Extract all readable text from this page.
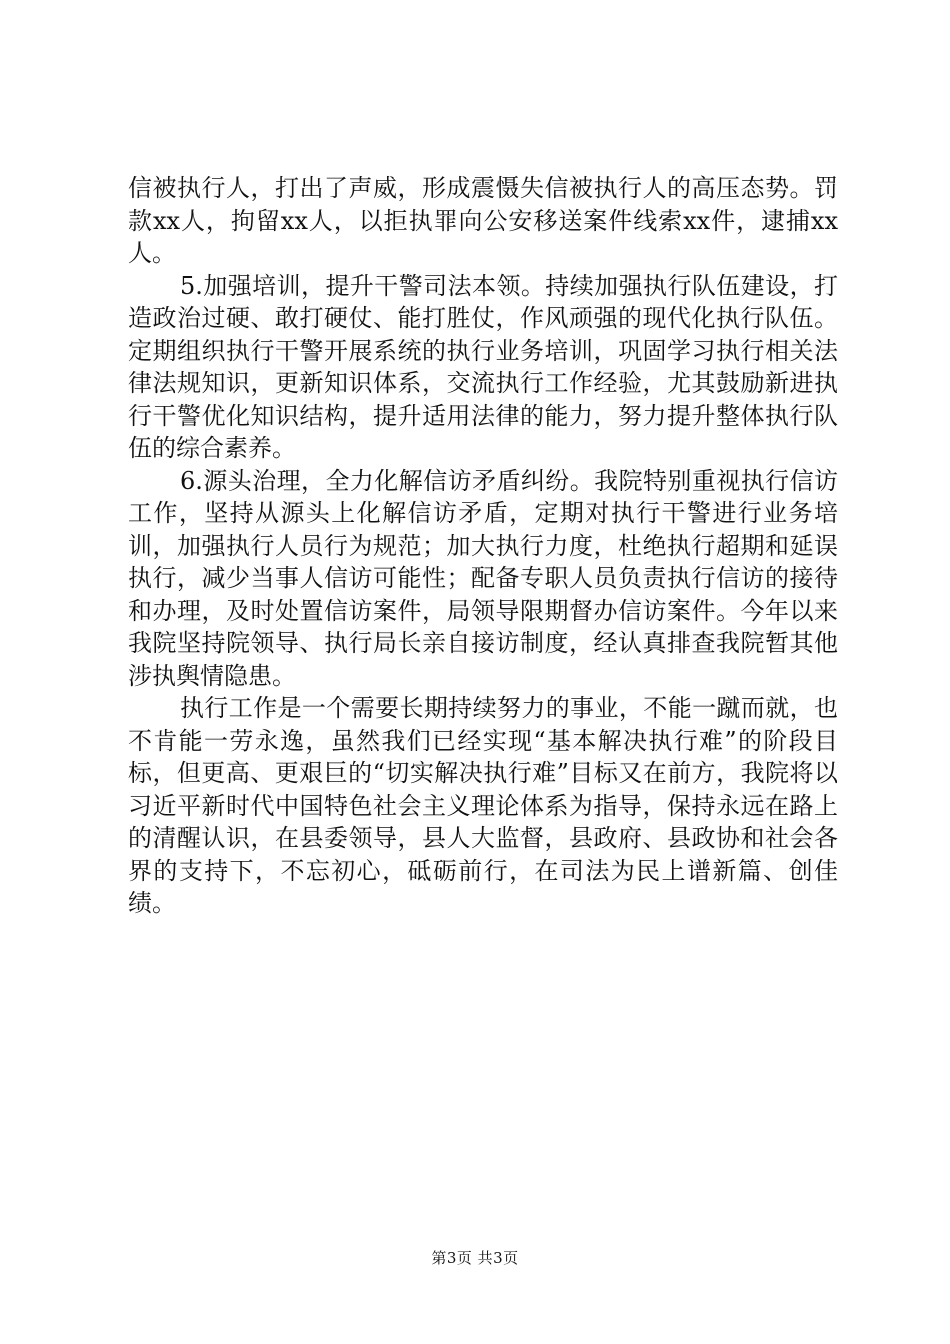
信被执行人，打出了声威，形成震慑失信被执行人的高压态势。罚款xx人，拘留xx人，以拒执罪向公安移送案件线索xx件，逮捕xx人。

5.加强培训，提升干警司法本领。持续加强执行队伍建设，打造政治过硬、敢打硬仗、能打胜仗，作风顽强的现代化执行队伍。定期组织执行干警开展系统的执行业务培训，巩固学习执行相关法律法规知识，更新知识体系，交流执行工作经验，尤其鼓励新进执行干警优化知识结构，提升适用法律的能力，努力提升整体执行队伍的综合素养。

6.源头治理，全力化解信访矛盾纠纷。我院特别重视执行信访工作，坚持从源头上化解信访矛盾，定期对执行干警进行业务培训，加强执行人员行为规范；加大执行力度，杜绝执行超期和延误执行，减少当事人信访可能性；配备专职人员负责执行信访的接待和办理，及时处置信访案件，局领导限期督办信访案件。今年以来我院坚持院领导、执行局长亲自接访制度，经认真排查我院暂其他涉执舆情隐患。

执行工作是一个需要长期持续努力的事业，不能一蹴而就，也不肯能一劳永逸，虽然我们已经实现“基本解决执行难”的阶段目标，但更高、更艰巨的“切实解决执行难”目标又在前方，我院将以习近平新时代中国特色社会主义理论体系为指导，保持永远在路上的清醒认识，在县委领导，县人大监督，县政府、县政协和社会各界的支持下，不忘初心，砥砺前行，在司法为民上谱新篇、创佳绩。

第3页 共3页
